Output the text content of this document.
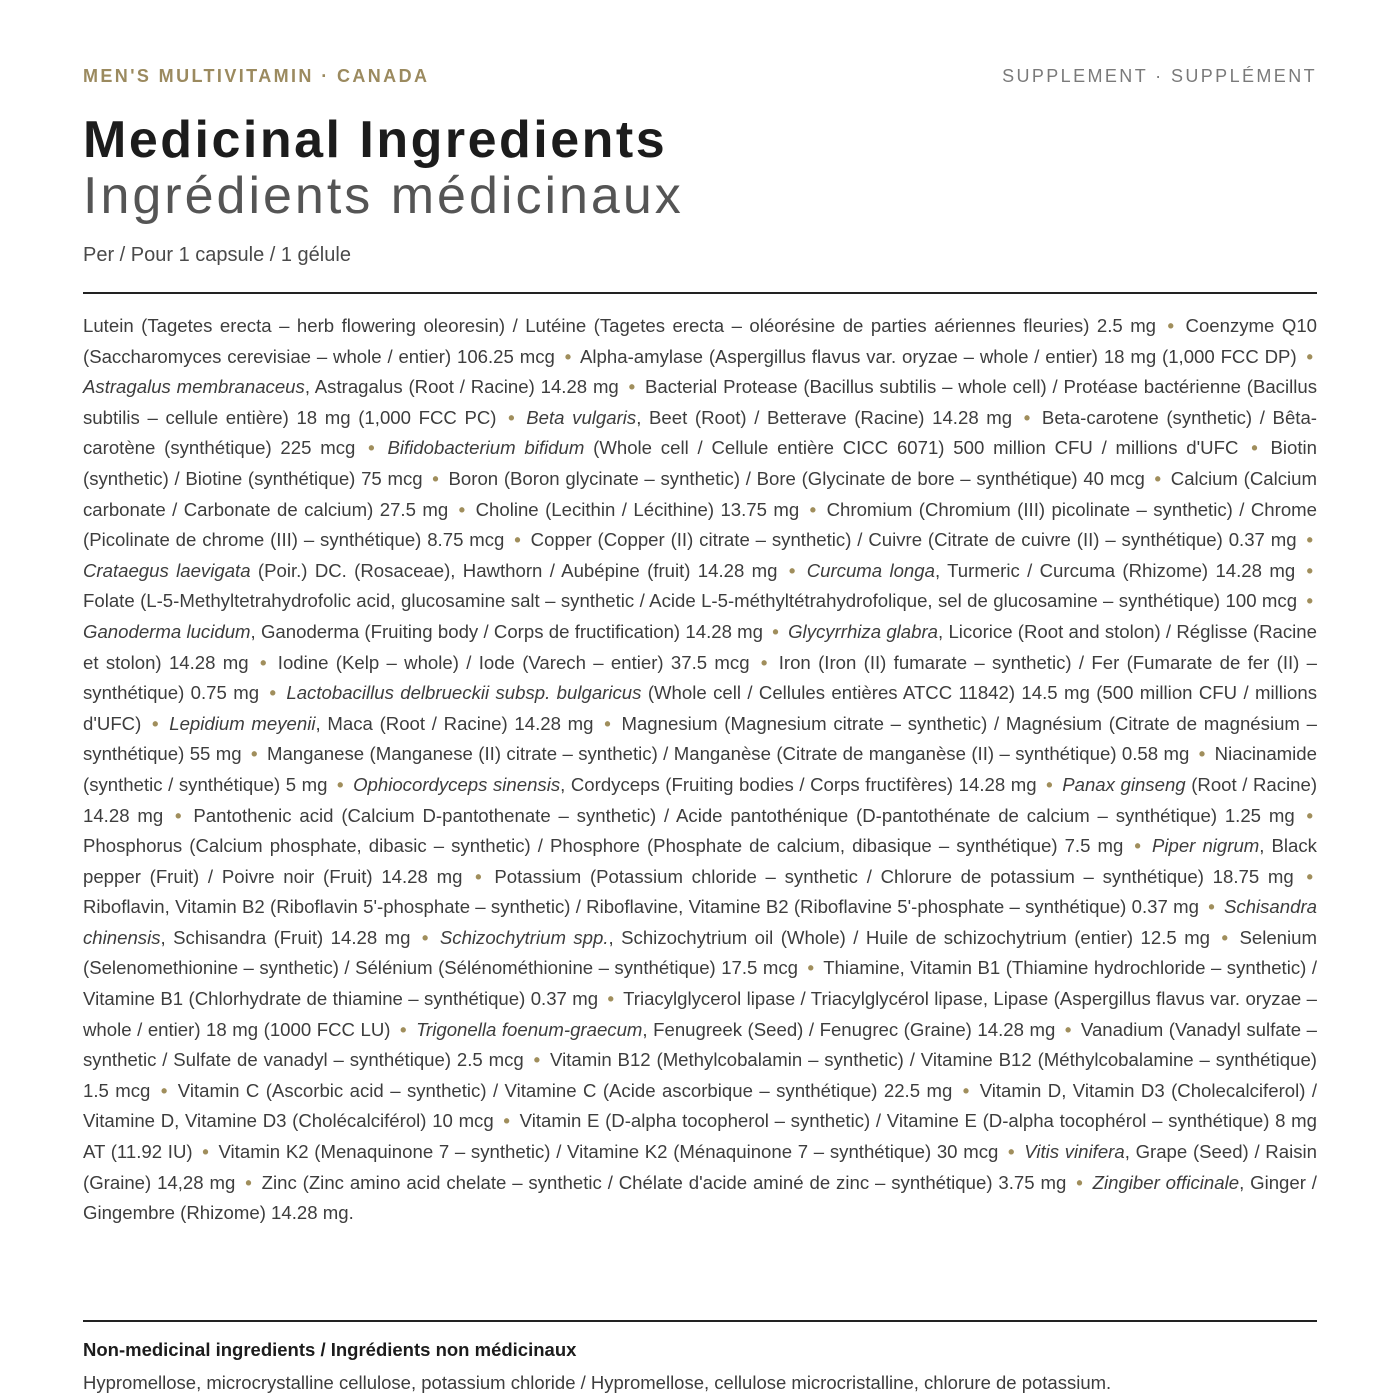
MEN'S MULTIVITAMIN · CANADA	SUPPLEMENT · SUPPLÉMENT
Medicinal Ingredients
Ingrédients médicinaux
Per / Pour 1 capsule / 1 gélule
Lutein (Tagetes erecta – herb flowering oleoresin) / Lutéine (Tagetes erecta – oléorésine de parties aériennes fleuries) 2.5 mg • Coenzyme Q10 (Saccharomyces cerevisiae – whole / entier) 106.25 mcg • Alpha-amylase (Aspergillus flavus var. oryzae – whole / entier) 18 mg (1,000 FCC DP) • Astragalus membranaceus, Astragalus (Root / Racine) 14.28 mg • Bacterial Protease (Bacillus subtilis – whole cell) / Protéase bactérienne (Bacillus subtilis – cellule entière) 18 mg (1,000 FCC PC) • Beta vulgaris, Beet (Root) / Betterave (Racine) 14.28 mg • Beta-carotene (synthetic) / Bêta-carotène (synthétique) 225 mcg • Bifidobacterium bifidum (Whole cell / Cellule entière CICC 6071) 500 million CFU / millions d'UFC • Biotin (synthetic) / Biotine (synthétique) 75 mcg • Boron (Boron glycinate – synthetic) / Bore (Glycinate de bore – synthétique) 40 mcg • Calcium (Calcium carbonate / Carbonate de calcium) 27.5 mg • Choline (Lecithin / Lécithine) 13.75 mg • Chromium (Chromium (III) picolinate – synthetic) / Chrome (Picolinate de chrome (III) – synthétique) 8.75 mcg • Copper (Copper (II) citrate – synthetic) / Cuivre (Citrate de cuivre (II) – synthétique) 0.37 mg • Crataegus laevigata (Poir.) DC. (Rosaceae), Hawthorn / Aubépine (fruit) 14.28 mg • Curcuma longa, Turmeric / Curcuma (Rhizome) 14.28 mg • Folate (L-5-Methyltetrahydrofolic acid, glucosamine salt – synthetic / Acide L-5-méthyltétrahydrofolique, sel de glucosamine – synthétique) 100 mcg • Ganoderma lucidum, Ganoderma (Fruiting body / Corps de fructification) 14.28 mg • Glycyrrhiza glabra, Licorice (Root and stolon) / Réglisse (Racine et stolon) 14.28 mg • Iodine (Kelp – whole) / Iode (Varech – entier) 37.5 mcg • Iron (Iron (II) fumarate – synthetic) / Fer (Fumarate de fer (II) – synthétique) 0.75 mg • Lactobacillus delbrueckii subsp. bulgaricus (Whole cell / Cellules entières ATCC 11842) 14.5 mg (500 million CFU / millions d'UFC) • Lepidium meyenii, Maca (Root / Racine) 14.28 mg • Magnesium (Magnesium citrate – synthetic) / Magnésium (Citrate de magnésium – synthétique) 55 mg • Manganese (Manganese (II) citrate – synthetic) / Manganèse (Citrate de manganèse (II) – synthétique) 0.58 mg • Niacinamide (synthetic / synthétique) 5 mg • Ophiocordyceps sinensis, Cordyceps (Fruiting bodies / Corps fructifères) 14.28 mg • Panax ginseng (Root / Racine) 14.28 mg • Pantothenic acid (Calcium D-pantothenate – synthetic) / Acide pantothénique (D-pantothénate de calcium – synthétique) 1.25 mg • Phosphorus (Calcium phosphate, dibasic – synthetic) / Phosphore (Phosphate de calcium, dibasique – synthétique) 7.5 mg • Piper nigrum, Black pepper (Fruit) / Poivre noir (Fruit) 14.28 mg • Potassium (Potassium chloride – synthetic / Chlorure de potassium – synthétique) 18.75 mg • Riboflavin, Vitamin B2 (Riboflavin 5'-phosphate – synthetic) / Riboflavine, Vitamine B2 (Riboflavine 5'-phosphate – synthétique) 0.37 mg • Schisandra chinensis, Schisandra (Fruit) 14.28 mg • Schizochytrium spp., Schizochytrium oil (Whole) / Huile de schizochytrium (entier) 12.5 mg • Selenium (Selenomethionine – synthetic) / Sélénium (Sélénométhionine – synthétique) 17.5 mcg • Thiamine, Vitamin B1 (Thiamine hydrochloride – synthetic) / Vitamine B1 (Chlorhydrate de thiamine – synthétique) 0.37 mg • Triacylglycerol lipase / Triacylglycérol lipase, Lipase (Aspergillus flavus var. oryzae – whole / entier) 18 mg (1000 FCC LU) • Trigonella foenum-graecum, Fenugreek (Seed) / Fenugrec (Graine) 14.28 mg • Vanadium (Vanadyl sulfate – synthetic / Sulfate de vanadyl – synthétique) 2.5 mcg • Vitamin B12 (Methylcobalamin – synthetic) / Vitamine B12 (Méthylcobalamine – synthétique) 1.5 mcg • Vitamin C (Ascorbic acid – synthetic) / Vitamine C (Acide ascorbique – synthétique) 22.5 mg • Vitamin D, Vitamin D3 (Cholecalciferol) / Vitamine D, Vitamine D3 (Cholécalciférol) 10 mcg • Vitamin E (D-alpha tocopherol – synthetic) / Vitamine E (D-alpha tocophérol – synthétique) 8 mg AT (11.92 IU) • Vitamin K2 (Menaquinone 7 – synthetic) / Vitamine K2 (Ménaquinone 7 – synthétique) 30 mcg • Vitis vinifera, Grape (Seed) / Raisin (Graine) 14,28 mg • Zinc (Zinc amino acid chelate – synthetic / Chélate d'acide aminé de zinc – synthétique) 3.75 mg • Zingiber officinale, Ginger / Gingembre (Rhizome) 14.28 mg.
Non-medicinal ingredients / Ingrédients non médicinaux
Hypromellose, microcrystalline cellulose, potassium chloride / Hypromellose, cellulose microcristalline, chlorure de potassium.
